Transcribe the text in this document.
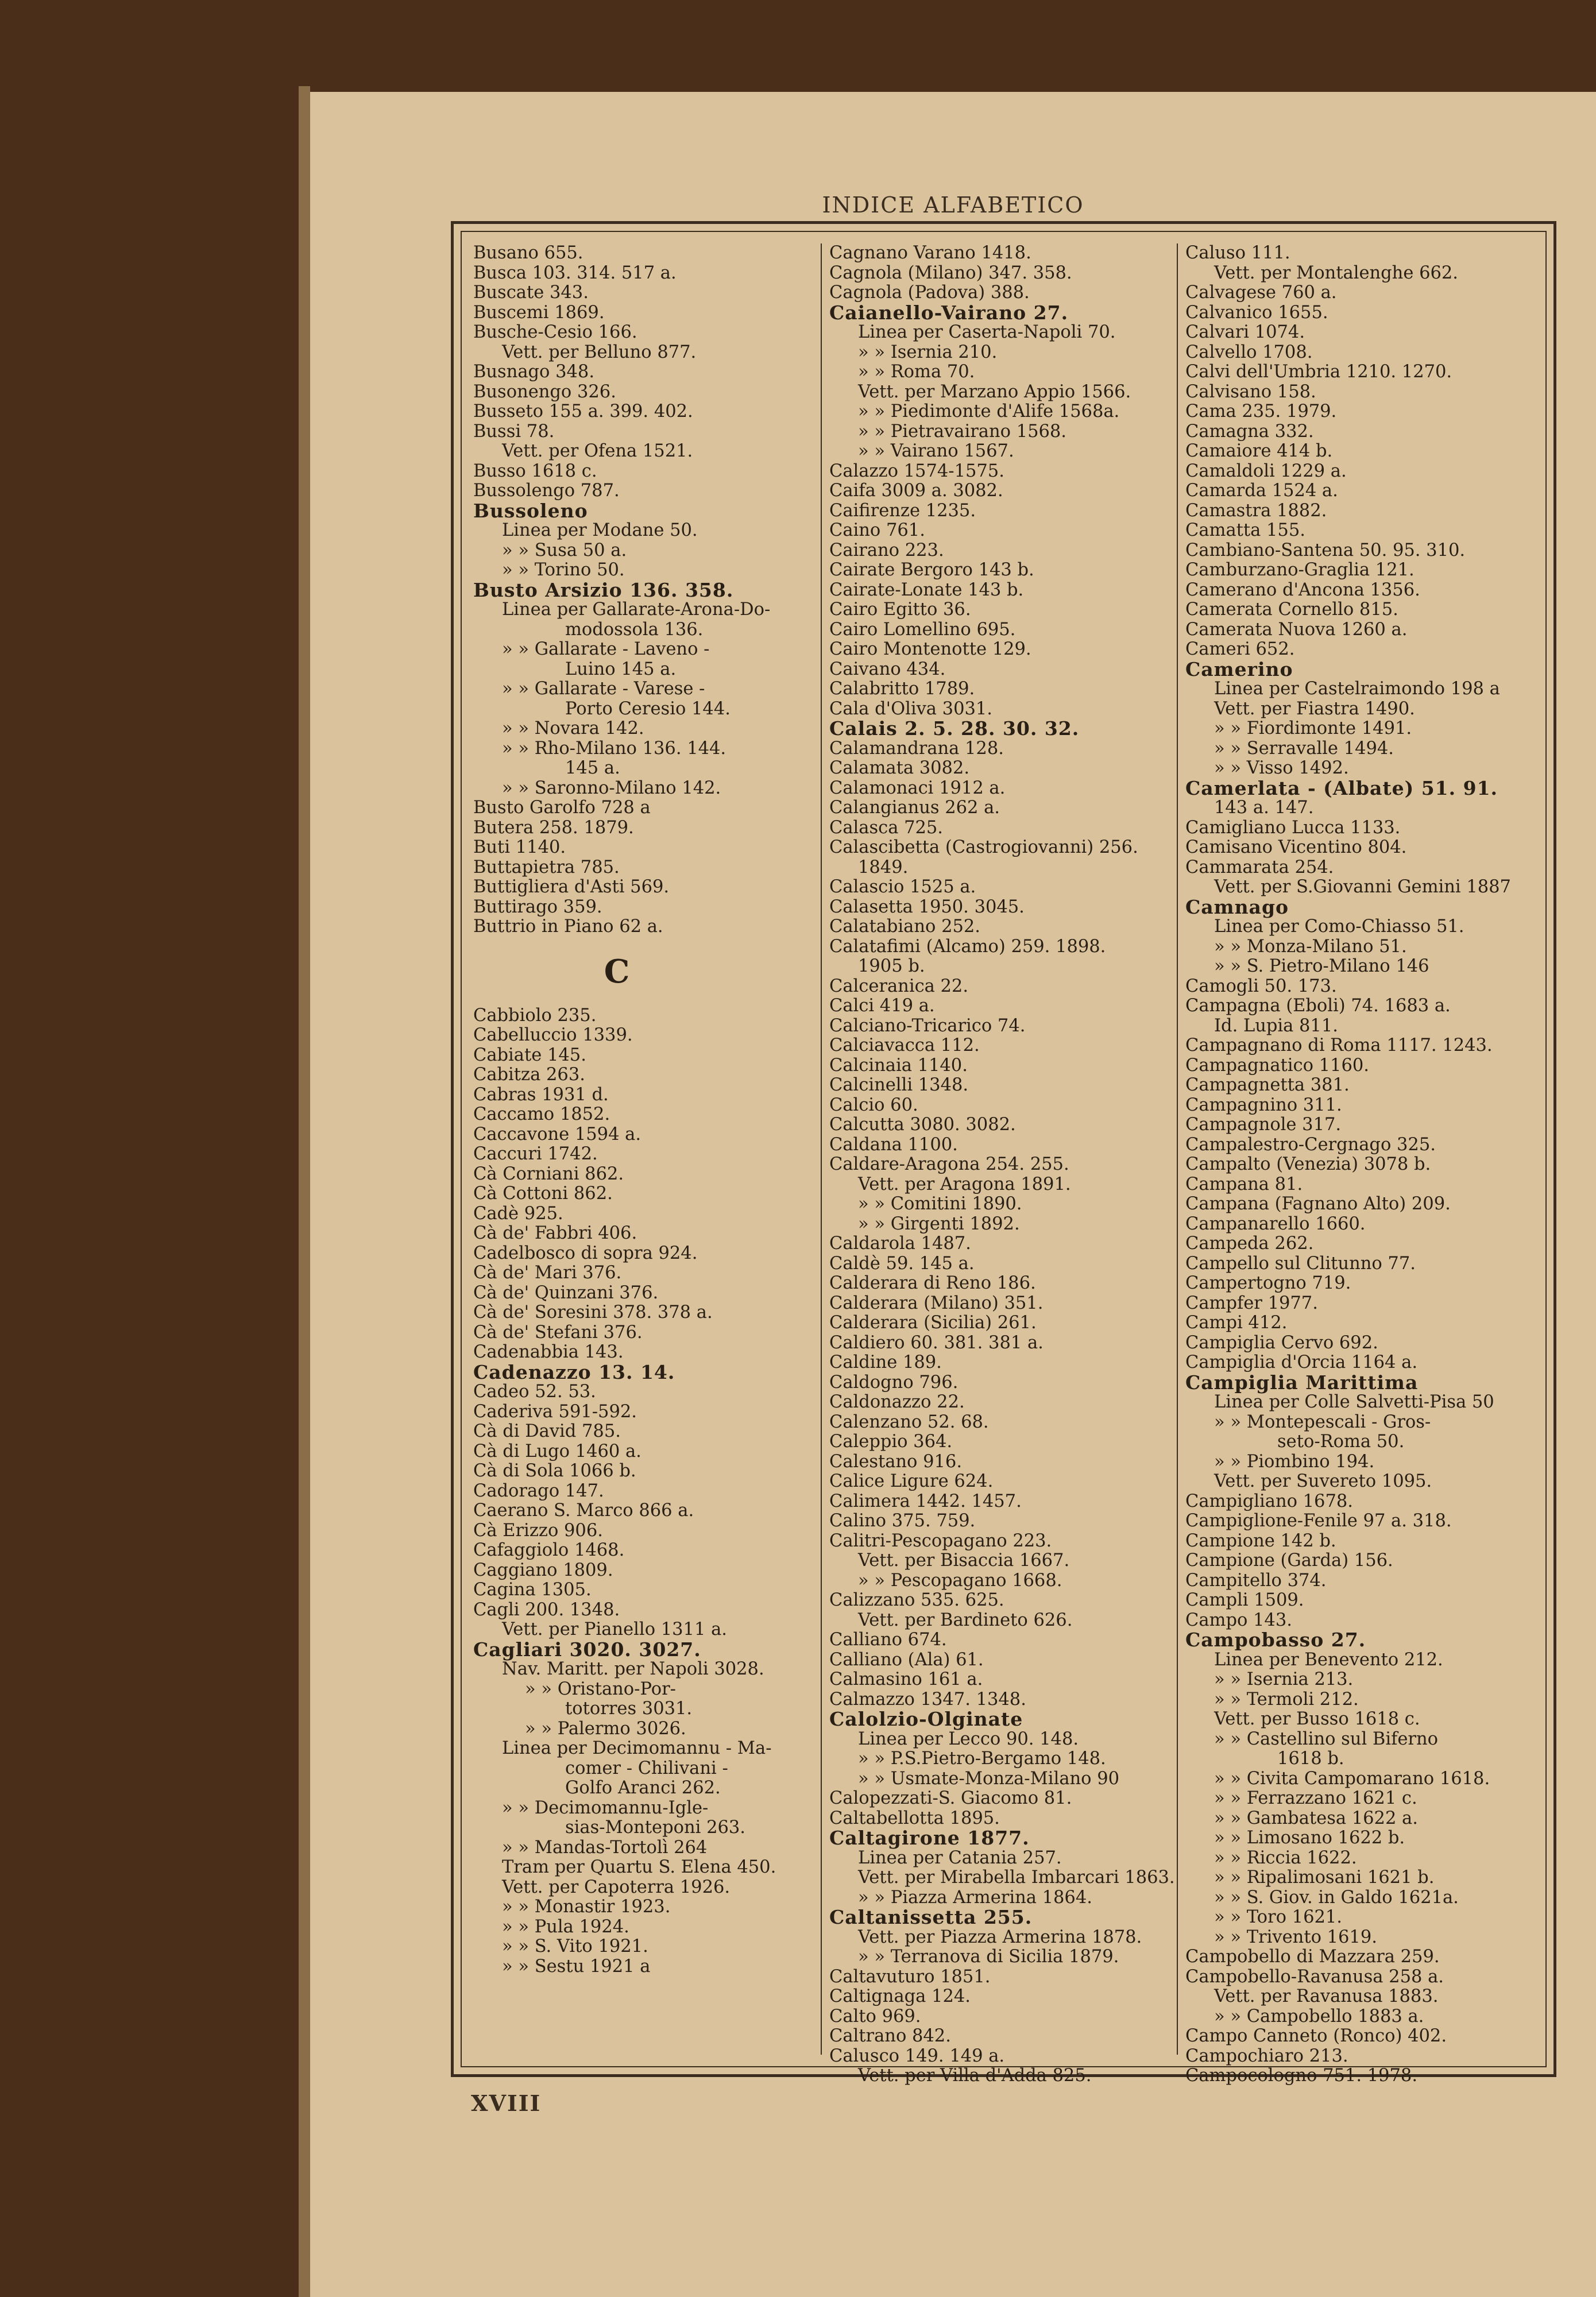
INDICE ALFABETICO
Busano 655.
Busca 103. 314. 517 a.
Buscate 343.
Buscemi 1869.
Busche-Cesio 166.
Vett. per Belluno 877.
Busnago 348.
Busonengo 326.
Busseto 155 a. 399. 402.
Bussi 78.
Vett. per Ofena 1521.
Busso 1618 c.
Bussolengo 787.
Bussoleno
Linea per Modane 50.
» » Susa 50 a.
» » Torino 50.
Busto Arsizio 136. 358.
Linea per Gallarate-Arona-Do-
modossola 136.
» » Gallarate - Laveno -
Luino 145 a.
» » Gallarate - Varese -
Porto Ceresio 144.
» » Novara 142.
» » Rho-Milano 136. 144.
145 a.
» » Saronno-Milano 142.
Busto Garolfo 728 a
Butera 258. 1879.
Buti 1140.
Buttapietra 785.
Buttigliera d'Asti 569.
Buttirago 359.
Buttrio in Piano 62 a.
C
Cabbiolo 235.
Cabelluccio 1339.
Cabiate 145.
Cabitza 263.
Cabras 1931 d.
Caccamo 1852.
Caccavone 1594 a.
Caccuri 1742.
Cà Corniani 862.
Cà Cottoni 862.
Cadè 925.
Cà de' Fabbri 406.
Cadelbosco di sopra 924.
Cà de' Mari 376.
Cà de' Quinzani 376.
Cà de' Soresini 378. 378 a.
Cà de' Stefani 376.
Cadenabbia 143.
Cadenazzo 13. 14.
Cadeo 52. 53.
Caderiva 591-592.
Cà di David 785.
Cà di Lugo 1460 a.
Cà di Sola 1066 b.
Cadorago 147.
Caerano S. Marco 866 a.
Cà Erizzo 906.
Cafaggiolo 1468.
Caggiano 1809.
Cagina 1305.
Cagli 200. 1348.
Vett. per Pianello 1311 a.
Cagliari 3020. 3027.
Nav. Maritt. per Napoli 3028.
» » Oristano-Por-
totorres 3031.
» » Palermo 3026.
Linea per Decimomannu - Ma-
comer - Chilivani -
Golfo Aranci 262.
» » Decimomannu-Igle-
sias-Monteponi 263.
» » Mandas-Tortolì 264
Tram per Quartu S. Elena 450.
Vett. per Capoterra 1926.
» » Monastir 1923.
» » Pula 1924.
» » S. Vito 1921.
» » Sestu 1921 a
Cagnano Varano 1418.
Cagnola (Milano) 347. 358.
Cagnola (Padova) 388.
Caianello-Vairano 27.
Linea per Caserta-Napoli 70.
» » Isernia 210.
» » Roma 70.
Vett. per Marzano Appio 1566.
» » Piedimonte d'Alife 1568a.
» » Pietravairano 1568.
» » Vairano 1567.
Calazzo 1574-1575.
Caifa 3009 a. 3082.
Caifirenze 1235.
Caino 761.
Cairano 223.
Cairate Bergoro 143 b.
Cairate-Lonate 143 b.
Cairo Egitto 36.
Cairo Lomellino 695.
Cairo Montenotte 129.
Caivano 434.
Calabritto 1789.
Cala d'Oliva 3031.
Calais 2. 5. 28. 30. 32.
Calamandrana 128.
Calamata 3082.
Calamonaci 1912 a.
Calangianus 262 a.
Calasca 725.
Calascibetta (Castrogiovanni) 256.
1849.
Calascio 1525 a.
Calasetta 1950. 3045.
Calatabiano 252.
Calatafimi (Alcamo) 259. 1898.
1905 b.
Calceranica 22.
Calci 419 a.
Calciano-Tricarico 74.
Calciavacca 112.
Calcinaia 1140.
Calcinelli 1348.
Calcio 60.
Calcutta 3080. 3082.
Caldana 1100.
Caldare-Aragona 254. 255.
Vett. per Aragona 1891.
» » Comitini 1890.
» » Girgenti 1892.
Caldarola 1487.
Caldè 59. 145 a.
Calderara di Reno 186.
Calderara (Milano) 351.
Calderara (Sicilia) 261.
Caldiero 60. 381. 381 a.
Caldine 189.
Caldogno 796.
Caldonazzo 22.
Calenzano 52. 68.
Caleppio 364.
Calestano 916.
Calice Ligure 624.
Calimera 1442. 1457.
Calino 375. 759.
Calitri-Pescopagano 223.
Vett. per Bisaccia 1667.
» » Pescopagano 1668.
Calizzano 535. 625.
Vett. per Bardineto 626.
Calliano 674.
Calliano (Ala) 61.
Calmasino 161 a.
Calmazzo 1347. 1348.
Calolzio-Olginate
Linea per Lecco 90. 148.
» » P.S.Pietro-Bergamo 148.
» » Usmate-Monza-Milano 90
Calopezzati-S. Giacomo 81.
Caltabellotta 1895.
Caltagirone 1877.
Linea per Catania 257.
Vett. per Mirabella Imbarcari 1863.
» » Piazza Armerina 1864.
Caltanissetta 255.
Vett. per Piazza Armerina 1878.
» » Terranova di Sicilia 1879.
Caltavuturo 1851.
Caltignaga 124.
Calto 969.
Caltrano 842.
Calusco 149. 149 a.
Vett. per Villa d'Adda 825.
Caluso 111.
Vett. per Montalenghe 662.
Calvagese 760 a.
Calvanico 1655.
Calvari 1074.
Calvello 1708.
Calvi dell'Umbria 1210. 1270.
Calvisano 158.
Cama 235. 1979.
Camagna 332.
Camaiore 414 b.
Camaldoli 1229 a.
Camarda 1524 a.
Camastra 1882.
Camatta 155.
Cambiano-Santena 50. 95. 310.
Camburzano-Graglia 121.
Camerano d'Ancona 1356.
Camerata Cornello 815.
Camerata Nuova 1260 a.
Cameri 652.
Camerino
Linea per Castelraimondo 198 a
Vett. per Fiastra 1490.
» » Fiordimonte 1491.
» » Serravalle 1494.
» » Visso 1492.
Camerlata - (Albate) 51. 91.
143 a. 147.
Camigliano Lucca 1133.
Camisano Vicentino 804.
Cammarata 254.
Vett. per S.Giovanni Gemini 1887
Camnago
Linea per Como-Chiasso 51.
» » Monza-Milano 51.
» » S. Pietro-Milano 146
Camogli 50. 173.
Campagna (Eboli) 74. 1683 a.
Id. Lupia 811.
Campagnano di Roma 1117. 1243.
Campagnatico 1160.
Campagnetta 381.
Campagnino 311.
Campagnole 317.
Campalestro-Cergnago 325.
Campalto (Venezia) 3078 b.
Campana 81.
Campana (Fagnano Alto) 209.
Campanarello 1660.
Campeda 262.
Campello sul Clitunno 77.
Campertogno 719.
Campfer 1977.
Campi 412.
Campiglia Cervo 692.
Campiglia d'Orcia 1164 a.
Campiglia Marittima
Linea per Colle Salvetti-Pisa 50
» » Montepescali - Gros-
seto-Roma 50.
» » Piombino 194.
Vett. per Suvereto 1095.
Campigliano 1678.
Campiglione-Fenile 97 a. 318.
Campione 142 b.
Campione (Garda) 156.
Campitello 374.
Campli 1509.
Campo 143.
Campobasso 27.
Linea per Benevento 212.
» » Isernia 213.
» » Termoli 212.
Vett. per Busso 1618 c.
» » Castellino sul Biferno
1618 b.
» » Civita Campomarano 1618.
» » Ferrazzano 1621 c.
» » Gambatesa 1622 a.
» » Limosano 1622 b.
» » Riccia 1622.
» » Ripalimosani 1621 b.
» » S. Giov. in Galdo 1621a.
» » Toro 1621.
» » Trivento 1619.
Campobello di Mazzara 259.
Campobello-Ravanusa 258 a.
Vett. per Ravanusa 1883.
» » Campobello 1883 a.
Campo Canneto (Ronco) 402.
Campochiaro 213.
Campocologno 751. 1978.
XVIII
